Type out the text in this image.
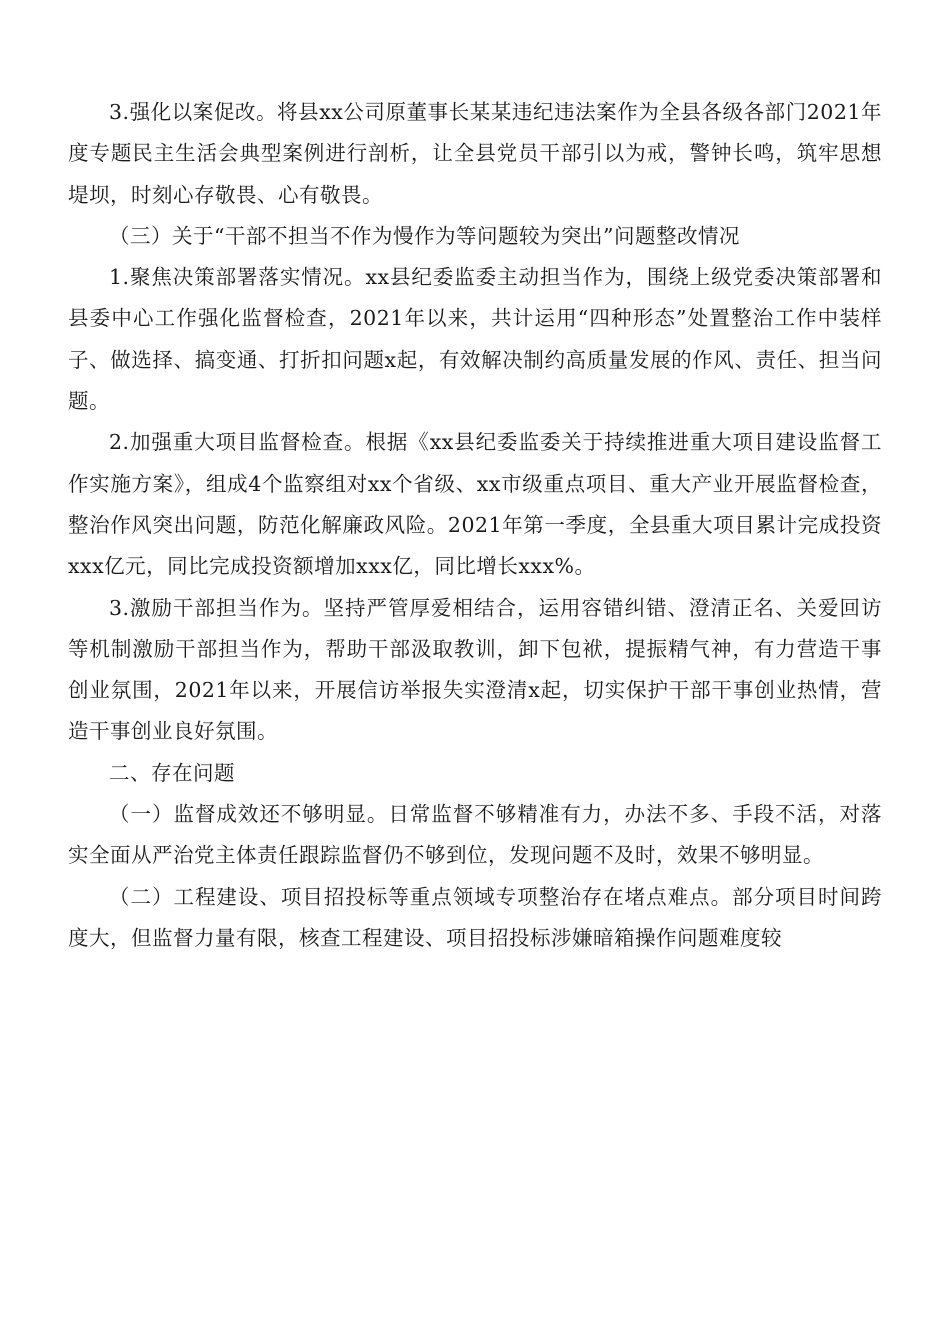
3.强化以案促改。将县xx公司原董事长某某违纪违法案作为全县各级各部门2021年度专题民主生活会典型案例进行剖析，让全县党员干部引以为戒，警钟长鸣，筑牢思想堤坝，时刻心存敬畏、心有敬畏。

（三）关于“干部不担当不作为慢作为等问题较为突出”问题整改情况

1.聚焦决策部署落实情况。xx县纪委监委主动担当作为，围绕上级党委决策部署和县委中心工作强化监督检查，2021年以来，共计运用“四种形态”处置整治工作中装样子、做选择、搞变通、打折扣问题x起，有效解决制约高质量发展的作风、责任、担当问题。

2.加强重大项目监督检查。根据《xx县纪委监委关于持续推进重大项目建设监督工作实施方案》，组成4个监察组对xx个省级、xx市级重点项目、重大产业开展监督检查，整治作风突出问题，防范化解廉政风险。2021年第一季度，全县重大项目累计完成投资xxx亿元，同比完成投资额增加xxx亿，同比增长xxx%。

3.激励干部担当作为。坚持严管厚爱相结合，运用容错纠错、澄清正名、关爱回访等机制激励干部担当作为，帮助干部汲取教训，卸下包袱，提振精气神，有力营造干事创业氛围，2021年以来，开展信访举报失实澄清x起，切实保护干部干事创业热情，营造干事创业良好氛围。

二、存在问题

（一）监督成效还不够明显。日常监督不够精准有力，办法不多、手段不活，对落实全面从严治党主体责任跟踪监督仍不够到位，发现问题不及时，效果不够明显。

（二）工程建设、项目招投标等重点领域专项整治存在堵点难点。部分项目时间跨度大，但监督力量有限，核查工程建设、项目招投标涉嫌暗箱操作问题难度较
